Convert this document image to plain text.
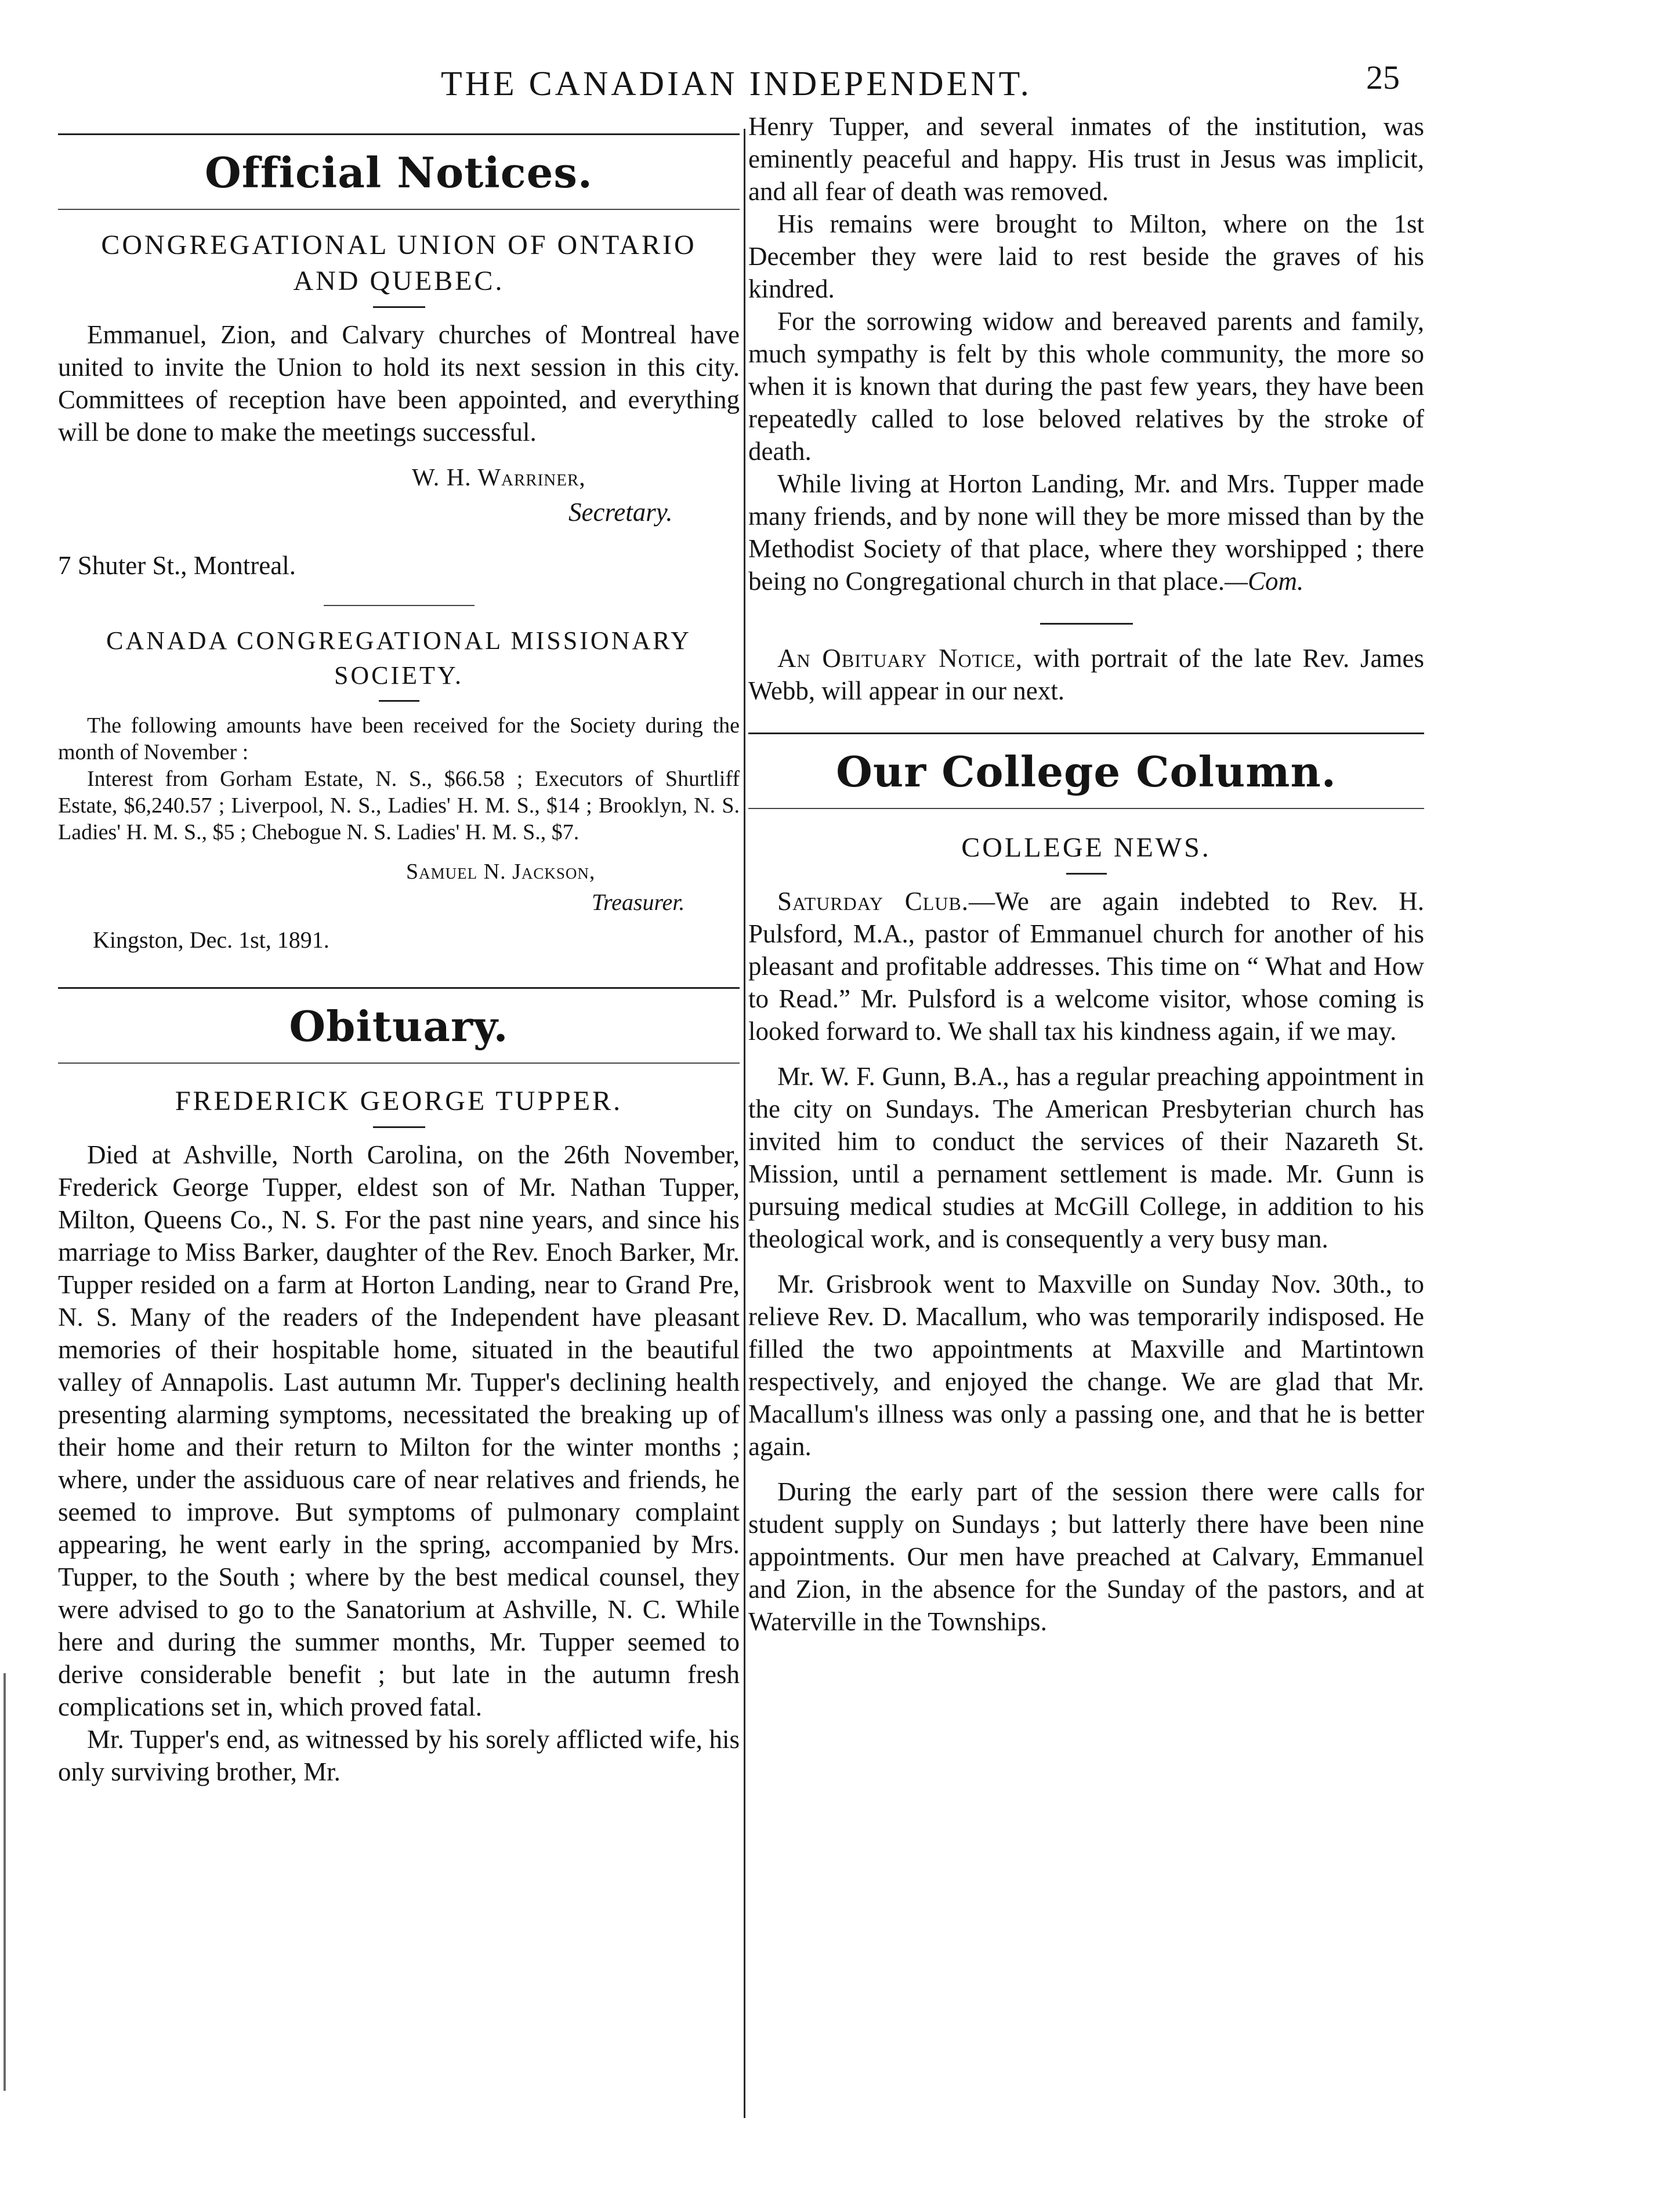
THE CANADIAN INDEPENDENT.	25
Official Notices.
CONGREGATIONAL UNION OF ONTARIO
AND QUEBEC.

Emmanuel, Zion, and Calvary churches of Montreal have united to invite the Union to hold its next session in this city. Committees of reception have been appointed, and everything will be done to make the meetings successful.

W. H. Warriner,

Secretary.

7 Shuter St., Montreal.

CANADA CONGREGATIONAL MISSIONARY
SOCIETY.

The following amounts have been received for the Society during the month of November :

Interest from Gorham Estate, N. S., $66.58 ; Executors of Shurtliff Estate, $6,240.57 ; Liverpool, N. S., Ladies' H. M. S., $14 ; Brooklyn, N. S. Ladies' H. M. S., $5 ; Chebogue N. S. Ladies' H. M. S., $7.

Samuel N. Jackson,

Treasurer.

Kingston, Dec. 1st, 1891.

Obituary.
FREDERICK GEORGE TUPPER.

Died at Ashville, North Carolina, on the 26th November, Frederick George Tupper, eldest son of Mr. Nathan Tupper, Milton, Queens Co., N. S. For the past nine years, and since his marriage to Miss Barker, daughter of the Rev. Enoch Barker, Mr. Tupper resided on a farm at Horton Landing, near to Grand Pre, N. S. Many of the readers of the Independent have pleasant memories of their hospitable home, situated in the beautiful valley of Annapolis. Last autumn Mr. Tupper's declining health presenting alarming symptoms, necessitated the breaking up of their home and their return to Milton for the winter months ; where, under the assiduous care of near relatives and friends, he seemed to improve. But symptoms of pulmonary complaint appearing, he went early in the spring, accompanied by Mrs. Tupper, to the South ; where by the best medical counsel, they were advised to go to the Sanatorium at Ashville, N. C. While here and during the summer months, Mr. Tupper seemed to derive considerable benefit ; but late in the autumn fresh complications set in, which proved fatal.

Mr. Tupper's end, as witnessed by his sorely afflicted wife, his only surviving brother, Mr.

Henry Tupper, and several inmates of the institution, was eminently peaceful and happy. His trust in Jesus was implicit, and all fear of death was removed.

His remains were brought to Milton, where on the 1st December they were laid to rest beside the graves of his kindred.

For the sorrowing widow and bereaved parents and family, much sympathy is felt by this whole community, the more so when it is known that during the past few years, they have been repeatedly called to lose beloved relatives by the stroke of death.

While living at Horton Landing, Mr. and Mrs. Tupper made many friends, and by none will they be more missed than by the Methodist Society of that place, where they worshipped ; there being no Congregational church in that place.—Com.

An Obituary Notice, with portrait of the late Rev. James Webb, will appear in our next.

Our College Column.
COLLEGE NEWS.

Saturday Club.—We are again indebted to Rev. H. Pulsford, M.A., pastor of Emmanuel church for another of his pleasant and profitable addresses. This time on “ What and How to Read.” Mr. Pulsford is a welcome visitor, whose coming is looked forward to. We shall tax his kindness again, if we may.

Mr. W. F. Gunn, B.A., has a regular preaching appointment in the city on Sundays. The American Presbyterian church has invited him to conduct the services of their Nazareth St. Mission, until a pernament settlement is made. Mr. Gunn is pursuing medical studies at McGill College, in addition to his theological work, and is consequently a very busy man.

Mr. Grisbrook went to Maxville on Sunday Nov. 30th., to relieve Rev. D. Macallum, who was temporarily indisposed. He filled the two appointments at Maxville and Martintown respectively, and enjoyed the change. We are glad that Mr. Macallum's illness was only a passing one, and that he is better again.

During the early part of the session there were calls for student supply on Sundays ; but latterly there have been nine appointments. Our men have preached at Calvary, Emmanuel and Zion, in the absence for the Sunday of the pastors, and at Waterville in the Townships.
